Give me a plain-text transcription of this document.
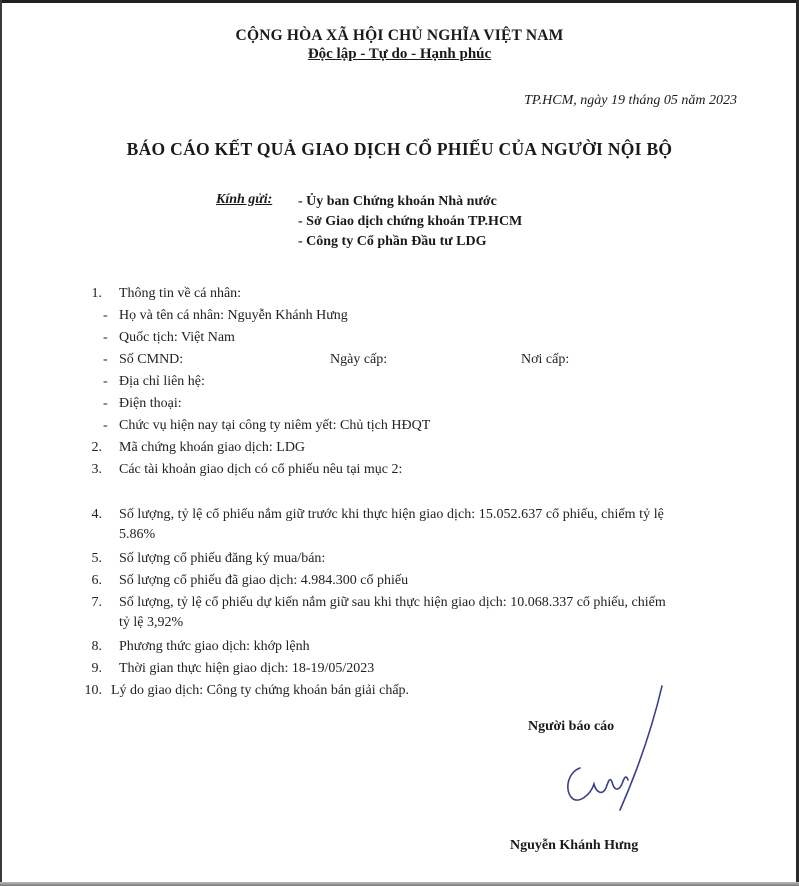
CỘNG HÒA XÃ HỘI CHỦ NGHĨA VIỆT NAM
Độc lập - Tự do - Hạnh phúc
TP.HCM, ngày 19 tháng 05 năm 2023
BÁO CÁO KẾT QUẢ GIAO DỊCH CỔ PHIẾU CỦA NGƯỜI NỘI BỘ
Kính gửi: - Ủy ban Chứng khoán Nhà nước
- Sở Giao dịch chứng khoán TP.HCM
- Công ty Cổ phần Đầu tư LDG
1. Thông tin về cá nhân:
- Họ và tên cá nhân: Nguyễn Khánh Hưng
- Quốc tịch: Việt Nam
- Số CMND:	Ngày cấp:	Nơi cấp:
- Địa chỉ liên hệ:
- Điện thoại:
- Chức vụ hiện nay tại công ty niêm yết: Chủ tịch HĐQT
2. Mã chứng khoán giao dịch: LDG
3. Các tài khoản giao dịch có cổ phiếu nêu tại mục 2:
4. Số lượng, tỷ lệ cổ phiếu nắm giữ trước khi thực hiện giao dịch: 15.052.637 cổ phiếu, chiếm tỷ lệ
5.86%
5. Số lượng cổ phiếu đăng ký mua/bán:
6. Số lượng cổ phiếu đã giao dịch: 4.984.300 cổ phiếu
7. Số lượng, tỷ lệ cổ phiếu dự kiến nắm giữ sau khi thực hiện giao dịch: 10.068.337 cổ phiếu, chiếm
tỷ lệ 3,92%
8. Phương thức giao dịch: khớp lệnh
9. Thời gian thực hiện giao dịch: 18-19/05/2023
10. Lý do giao dịch: Công ty chứng khoán bán giải chấp.
Người báo cáo
Nguyễn Khánh Hưng
